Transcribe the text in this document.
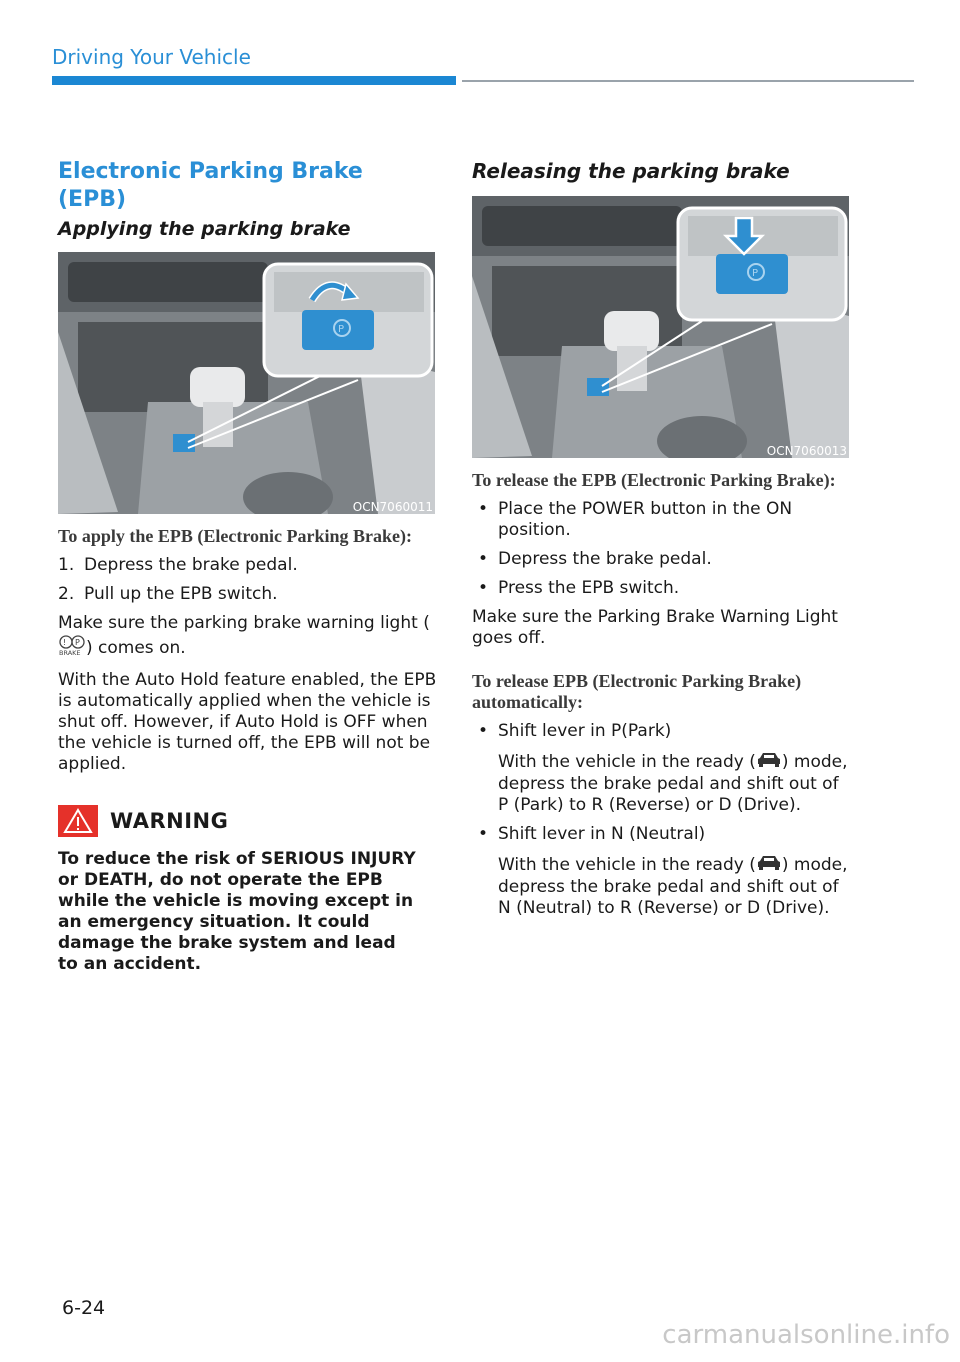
Driving Your Vehicle
Electronic Parking Brake (EPB)
Applying the parking brake
P
OCN7060011
To apply the EPB (Electronic Parking Brake):
1. Depress the brake pedal.
2. Pull up the EPB switch.

Make sure the parking brake warning light (
! P
BRAKE ) comes on.

With the Auto Hold feature enabled, the EPB is automatically applied when the vehicle is shut off. However, if Auto Hold is OFF when the vehicle is turned off, the EPB will not be applied.

WARNING
To reduce the risk of SERIOUS INJURY or DEATH, do not operate the EPB while the vehicle is moving except in an emergency situation. It could damage the brake system and lead to an accident.
Releasing the parking brake
P
OCN7060013
To release the EPB (Electronic Parking Brake):
• Place the POWER button in the ON position.
• Depress the brake pedal.
• Press the EPB switch.

Make sure the Parking Brake Warning Light goes off.

To release EPB (Electronic Parking Brake) automatically:
• Shift lever in P(Park)

With the vehicle in the ready ( ) mode, depress the brake pedal and shift out of P (Park) to R (Reverse) or D (Drive).

• Shift lever in N (Neutral)

With the vehicle in the ready ( ) mode, depress the brake pedal and shift out of N (Neutral) to R (Reverse) or D (Drive).

6-24
carmanualsonline.info
